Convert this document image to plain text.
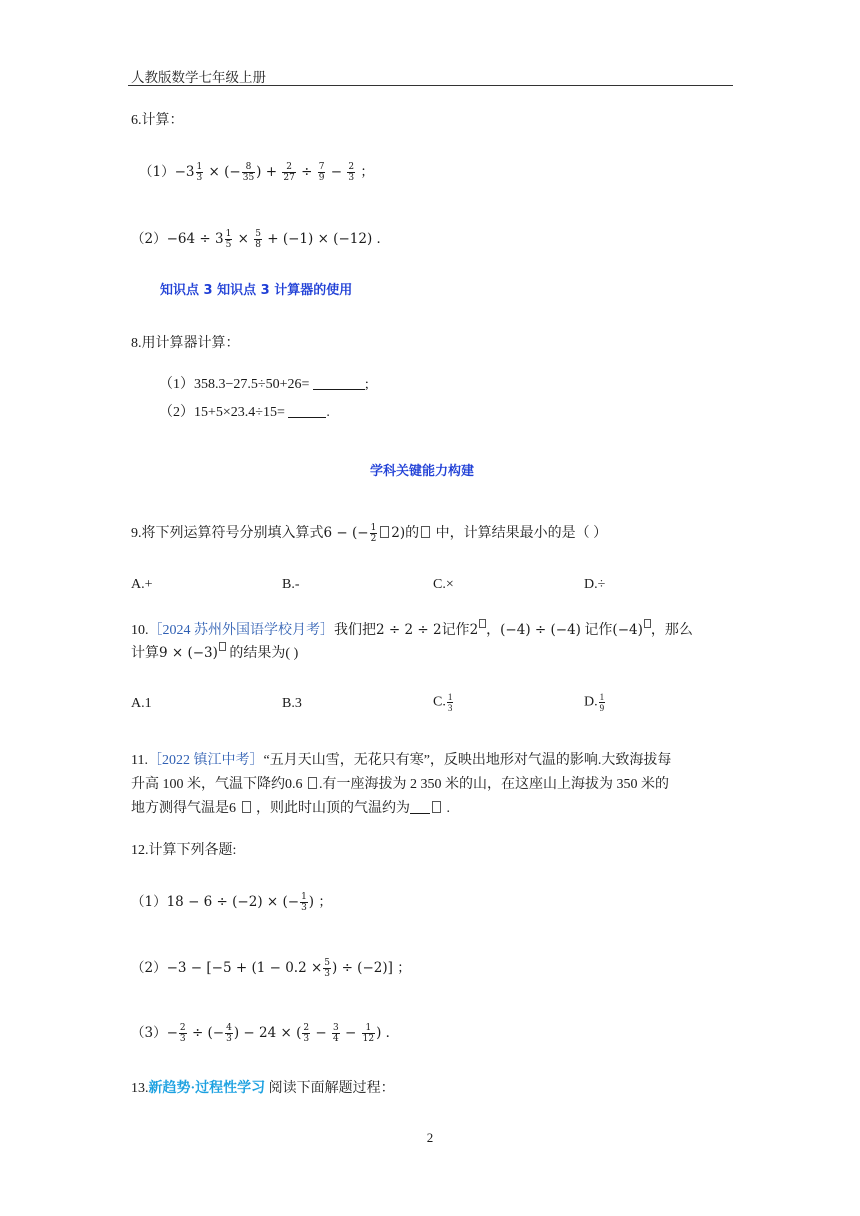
人教版数学七年级上册
6.计算：
$(1)-3 \frac{1}{3}$ × (− $\frac{8}{35}$ ) + $\frac{2}{27} \div \frac{7}{9} - \frac{2}{3}$ ；
$(2)-64 \div 3 \frac{1}{5} \times \frac{5}{8} + (-1) \times (-12)$ ．
知识点 3 知识点 3 计算器的使用
8.用计算器计算：
（1）358.3−27.5÷50+26=	;
（2）15+5×23.4÷15=	.
学科关键能力构建
9.将下列运算符号分别填入算式6 − (− $\frac{1}{2} 2$)的 中，计算结果最小的是（ ）
A.+	B.-	C.×	D.÷
10.［2024 苏州外国语学校月考］我们把2 ÷ 2 ÷ 2记作2 ，(−4) ÷ (−4) 记作(−4) ，那么
计算9 × (−3) 的结果为( )
A.1	B.3	C. $\frac{1}{3}$	D. $\frac{1}{9}$
11.［2022 镇江中考］“五月天山雪，无花只有寒”，反映出地形对气温的影响.大致海拔每
升高 100 米，气温下降约0.6 .有一座海拔为 2 350 米的山，在这座山上海拔为 350 米的
地方测得气温是6 ，则此时山顶的气温约为	.
12.计算下列各题:
（1）18 − 6 ÷ (−2) × (− $\frac{1}{3}$ ) ；
$(2)-3 - [-5 + (1 - 0.2 \times \frac{5}{3}$ ) ÷ (−2)] ；
$(3)- \frac{2}{3}$ ÷ (− $\frac{4}{3}$ ) − 24 × ( $\frac{2}{3} - \frac{3}{4} - \frac{1}{12}$ ) ．
13.新趋势·过程性学习 阅读下面解题过程：
2
